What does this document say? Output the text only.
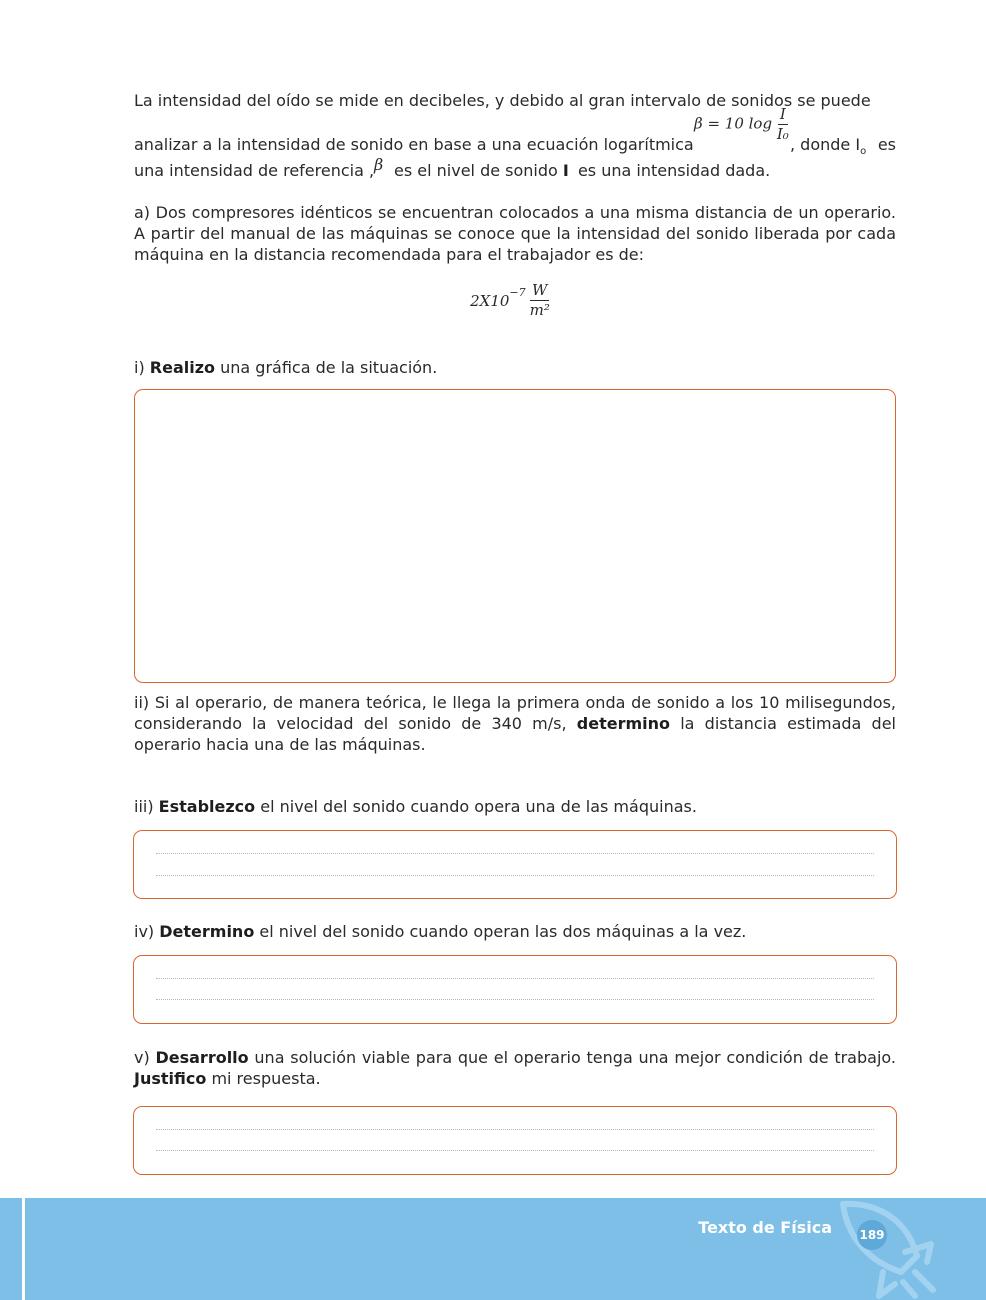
La intensidad del oído se mide en decibeles, y debido al gran intervalo de sonidos se puede

analizar a la intensidad de sonido en base a una ecuación logarítmica
β = 10 $\log \frac{I}{\text{I₀}}$
, donde $I_o$ es
una intensidad de referencia , β es el nivel de sonido I es una intensidad dada.

a) Dos compresores idénticos se encuentran colocados a una misma distancia de un operario. A partir del manual de las máquinas se conoce que la intensidad del sonido liberada por cada máquina en la distancia recomendada para el trabajador es de:

$2X10^{-7} \frac{W}{\text{m²}}$
i) Realizo una gráfica de la situación.

ii) Si al operario, de manera teórica, le llega la primera onda de sonido a los 10 milisegundos, considerando la velocidad del sonido de 340 m/s, determino la distancia estimada del operario hacia una de las máquinas.

iii) Establezco el nivel del sonido cuando opera una de las máquinas.
iv) Determino el nivel del sonido cuando operan las dos máquinas a la vez.

v) Desarrollo una solución viable para que el operario tenga una mejor condición de trabajo. Justifico mi respuesta.

Texto de Física 189
